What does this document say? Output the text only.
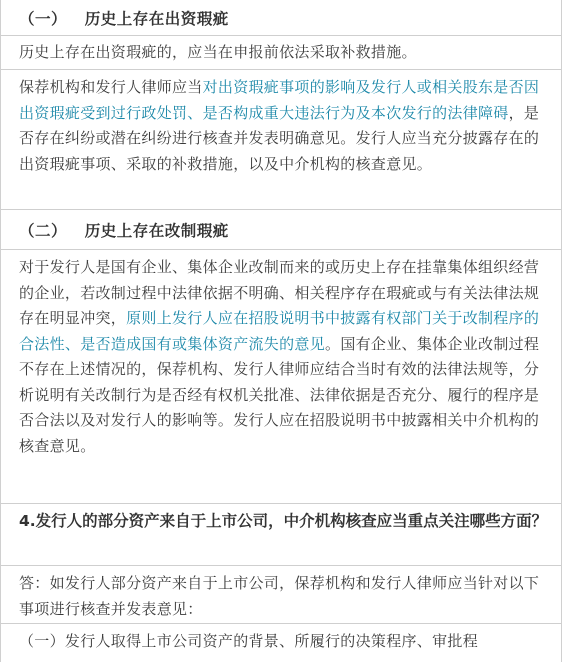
（一）   历史上存在出资瑕疵

历史上存在出资瑕疵的，应当在申报前依法采取补救措施。

保荐机构和发行人律师应当对出资瑕疵事项的影响及发行人或相关股东是否因出资瑕疵受到过行政处罚、是否构成重大违法行为及本次发行的法律障碍，是否存在纠纷或潜在纠纷进行核查并发表明确意见。发行人应当充分披露存在的出资瑕疵事项、采取的补救措施，以及中介机构的核查意见。

（二）   历史上存在改制瑕疵

对于发行人是国有企业、集体企业改制而来的或历史上存在挂靠集体组织经营的企业，若改制过程中法律依据不明确、相关程序存在瑕疵或与有关法律法规存在明显冲突，原则上发行人应在招股说明书中披露有权部门关于改制程序的合法性、是否造成国有或集体资产流失的意见。国有企业、集体企业改制过程不存在上述情况的，保荐机构、发行人律师应结合当时有效的法律法规等，分析说明有关改制行为是否经有权机关批准、法律依据是否充分、履行的程序是否合法以及对发行人的影响等。发行人应在招股说明书中披露相关中介机构的核查意见。

4.发行人的部分资产来自于上市公司，中介机构核查应当重点关注哪些方面？

答：如发行人部分资产来自于上市公司，保荐机构和发行人律师应当针对以下事项进行核查并发表意见：

（一）发行人取得上市公司资产的背景、所履行的决策程序、审批程
